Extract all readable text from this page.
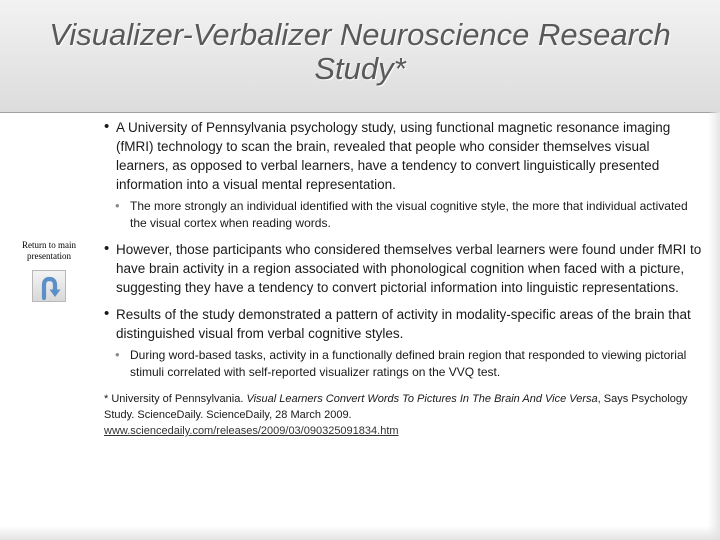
Visualizer-Verbalizer Neuroscience Research Study*
Return to main presentation

• A University of Pennsylvania psychology study, using functional magnetic resonance imaging (fMRI) technology to scan the brain, revealed that people who consider themselves visual learners, as opposed to verbal learners, have a tendency to convert linguistically presented information into a visual mental representation.

• The more strongly an individual identified with the visual cognitive style, the more that individual activated the visual cortex when reading words.

• However, those participants who considered themselves verbal learners were found under fMRI to have brain activity in a region associated with phonological cognition when faced with a picture, suggesting they have a tendency to convert pictorial information into linguistic representations.

• Results of the study demonstrated a pattern of activity in modality-specific areas of the brain that distinguished visual from verbal cognitive styles.

• During word-based tasks, activity in a functionally defined brain region that responded to viewing pictorial stimuli correlated with self-reported visualizer ratings on the VVQ test.

* University of Pennsylvania. Visual Learners Convert Words To Pictures In The Brain And Vice Versa, Says Psychology Study. ScienceDaily. ScienceDaily, 28 March 2009.
www.sciencedaily.com/releases/2009/03/090325091834.htm
